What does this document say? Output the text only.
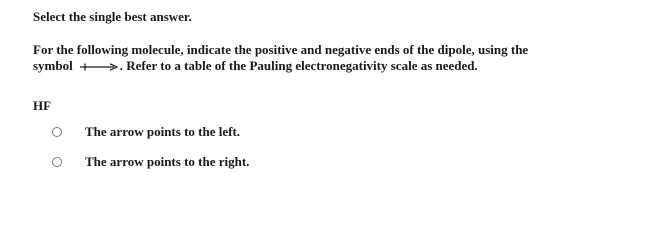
Select the single best answer.
For the following molecule, indicate the positive and negative ends of the dipole, using the
symbol	. Refer to a table of the Pauling electronegativity scale as needed.
HF
The arrow points to the left.
The arrow points to the right.
